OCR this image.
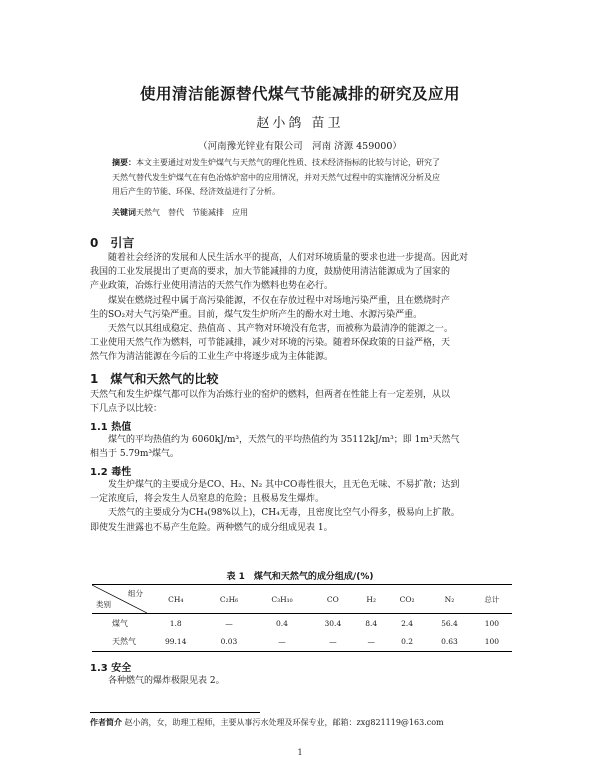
使用清洁能源替代煤气节能减排的研究及应用
赵小鸽 苗卫
（河南豫光锌业有限公司　河南 济源 459000）
摘要：本文主要通过对发生炉煤气与天然气的理化性质、技术经济指标的比较与讨论，研究了
天然气替代发生炉煤气在有色冶炼炉窑中的应用情况，并对天然气过程中的实施情况分析及应
用后产生的节能、环保、经济效益进行了分析。
关键词天然气　替代　节能减排　应用
0　引言

随着社会经济的发展和人民生活水平的提高，人们对环境质量的要求也进一步提高。因此对

我国的工业发展提出了更高的要求，加大节能减排的力度，鼓励使用清洁能源成为了国家的

产业政策，冶炼行业使用清洁的天然气作为燃料也势在必行。

煤炭在燃烧过程中属于高污染能源，不仅在存放过程中对场地污染严重，且在燃烧时产

生的SO₂对大气污染严重。目前，煤气发生炉所产生的酚水对土地、水源污染严重。

天然气以其组成稳定、热值高 、其产物对环境没有危害，而被称为最清净的能源之一。

工业使用天然气作为燃料，可节能减排，减少对环境的污染。随着环保政策的日益严格，天

然气作为清洁能源在今后的工业生产中将逐步成为主体能源。

1　煤气和天然气的比较

天然气和发生炉煤气都可以作为冶炼行业的窑炉的燃料，但两者在性能上有一定差别，从以

下几点予以比较：

1.1 热值

煤气的平均热值约为 6060kJ/m³，天然气的平均热值约为 35112kJ/m³；即 1m³天然气

相当于 5.79m³煤气。

1.2 毒性

发生炉煤气的主要成分是CO、H₂、N₂ 其中CO毒性很大，且无色无味、不易扩散；达到

一定浓度后，将会发生人员窒息的危险；且极易发生爆炸。

天然气的主要成分为CH₄(98%以上)，CH₄无毒，且密度比空气小得多，极易向上扩散。

即使发生泄露也不易产生危险。两种燃气的成分组成见表 1。

表 1　煤气和天然气的成分组成/(%)
组分
类别	CH₄	C₂H₆	C₃H₁₀	CO	H₂	CO₂	N₂	总计
煤气	1.8	—	0.4	30.4	8.4	2.4	56.4	100
天然气	99.14	0.03	—	—	—	0.2	0.63	100
1.3 安全

各种燃气的爆炸极限见表 2。

作者简介 赵小鸽，女，助理工程师，主要从事污水处理及环保专业，邮箱：zxg821119@163.com
1
